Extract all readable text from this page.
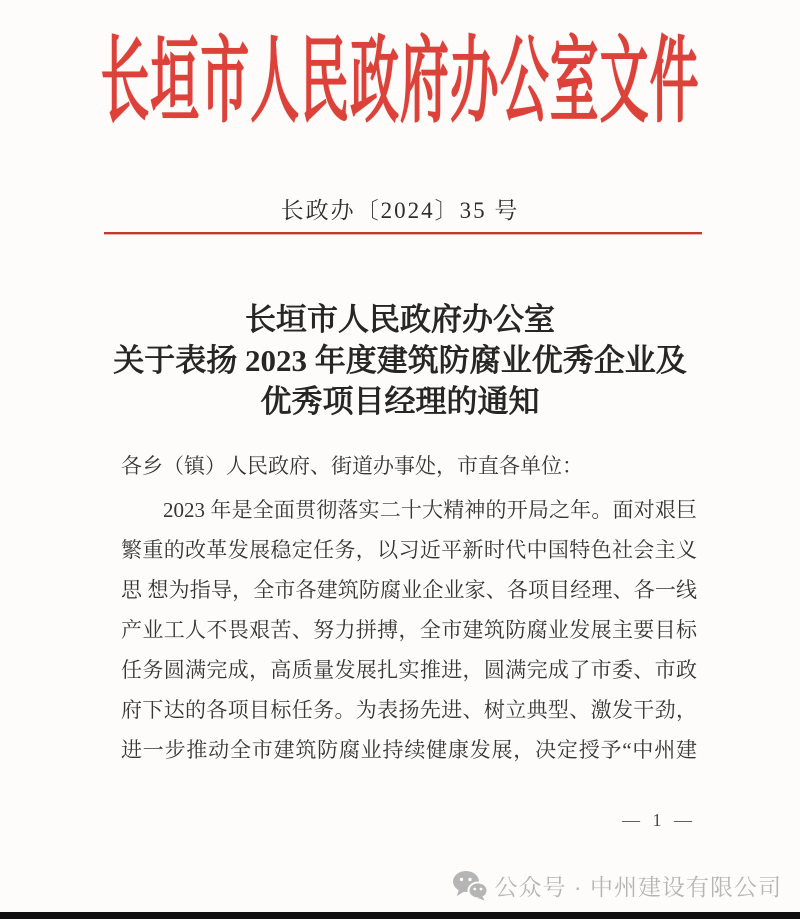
长垣市人民政府办公室文件
长政办〔2024〕35 号
长垣市人民政府办公室
关于表扬 2023 年度建筑防腐业优秀企业及
优秀项目经理的通知
各乡（镇）人民政府、街道办事处，市直各单位：
2023 年是全面贯彻落实二十大精神的开局之年。面对艰巨
繁重的改革发展稳定任务，以习近平新时代中国特色社会主义
思 想为指导，全市各建筑防腐业企业家、各项目经理、各一线
产业工人不畏艰苦、努力拼搏，全市建筑防腐业发展主要目标
任务圆满完成，高质量发展扎实推进，圆满完成了市委、市政
府下达的各项目标任务。为表扬先进、树立典型、激发干劲，
进一步推动全市建筑防腐业持续健康发展，决定授予“中州建
— 1 —
公众号 · 中州建设有限公司
